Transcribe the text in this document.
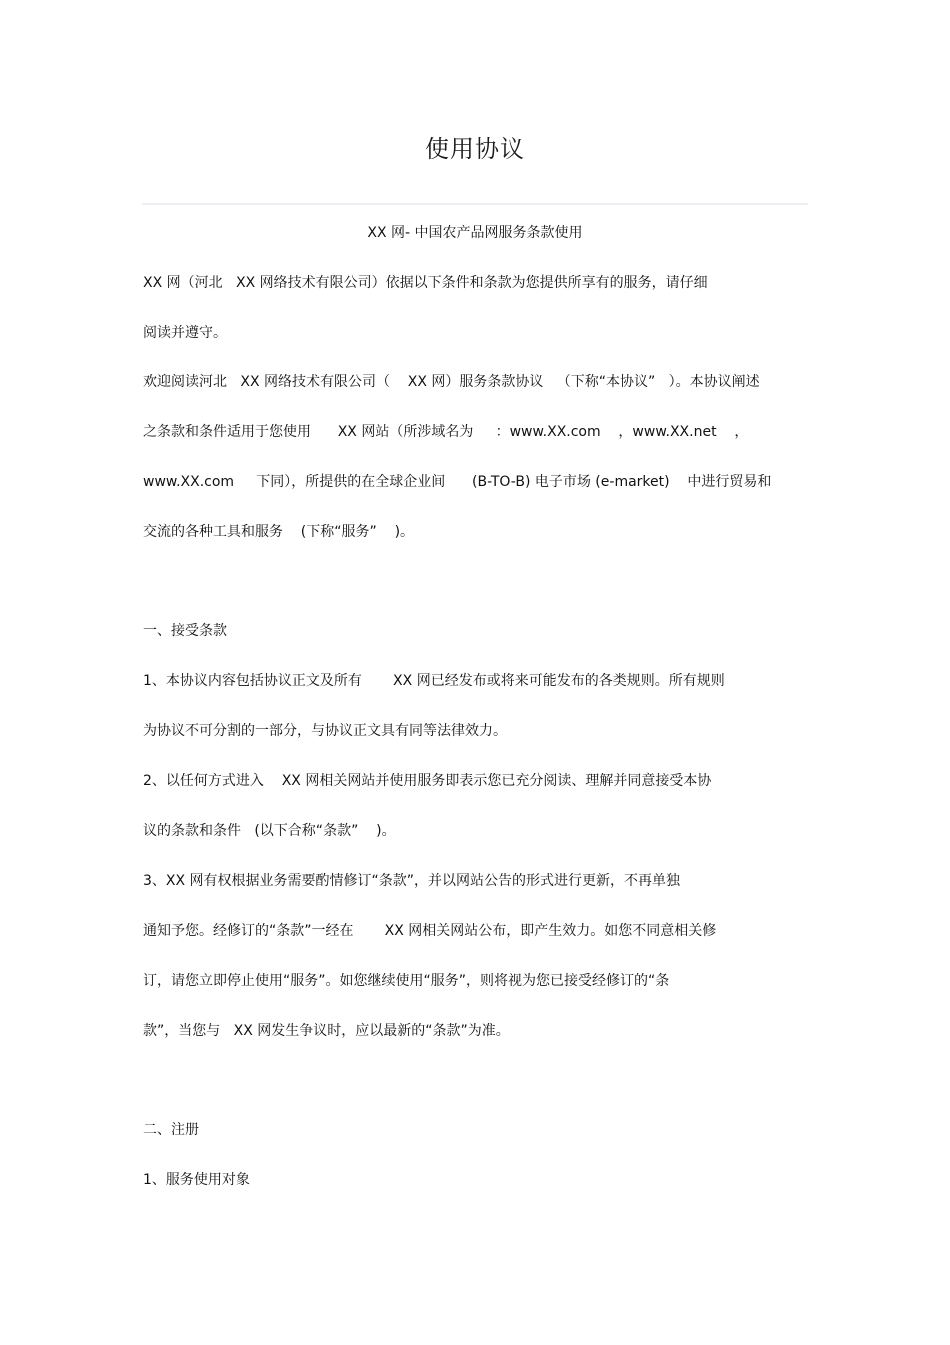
使用协议
XX 网- 中国农产品网服务条款使用
XX 网（河北   XX 网络技术有限公司）依据以下条件和条款为您提供所享有的服务，请仔细
阅读并遵守。
欢迎阅读河北   XX 网络技术有限公司（    XX 网）服务条款协议   （下称“本协议”   ）。本协议阐述
之条款和条件适用于您使用      XX 网站（所涉域名为     ：www.XX.com    ，www.XX.net    ，
www.XX.com     下同），所提供的在全球企业间      (B-TO-B) 电子市场 (e-market)    中进行贸易和
交流的各种工具和服务    (下称“服务”    )。
一、接受条款
1、本协议内容包括协议正文及所有       XX 网已经发布或将来可能发布的各类规则。所有规则
为协议不可分割的一部分，与协议正文具有同等法律效力。
2、以任何方式进入    XX 网相关网站并使用服务即表示您已充分阅读、理解并同意接受本协
议的条款和条件   (以下合称“条款”    )。
3、XX 网有权根据业务需要酌情修订“条款”，并以网站公告的形式进行更新，不再单独
通知予您。经修订的“条款”一经在       XX 网相关网站公布，即产生效力。如您不同意相关修
订，请您立即停止使用“服务”。如您继续使用“服务”，则将视为您已接受经修订的“条
款”，当您与   XX 网发生争议时，应以最新的“条款”为准。
二、注册
1、服务使用对象
